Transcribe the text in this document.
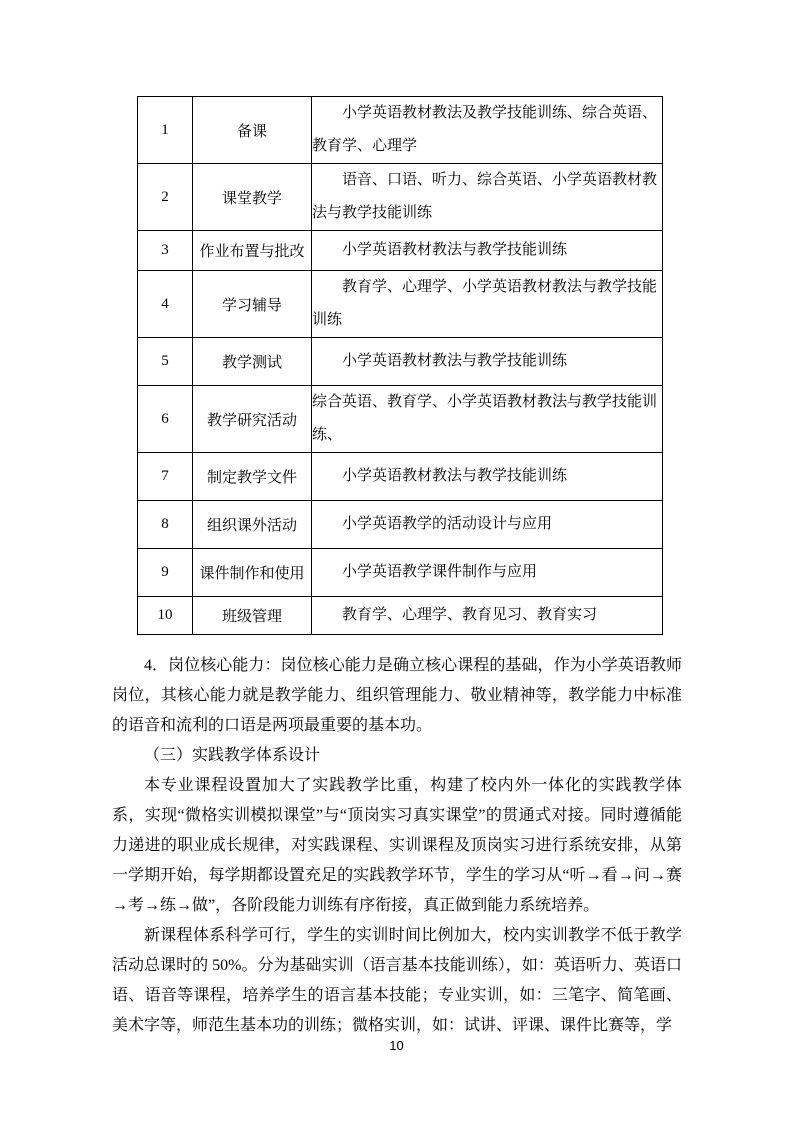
1	备课	小学英语教材教法及教学技能训练、综合英语、教育学、心理学
2	课堂教学	语音、口语、听力、综合英语、小学英语教材教法与教学技能训练
3	作业布置与批改	小学英语教材教法与教学技能训练
4	学习辅导	教育学、心理学、小学英语教材教法与教学技能训练
5	教学测试	小学英语教材教法与教学技能训练
6	教学研究活动	综合英语、教育学、小学英语教材教法与教学技能训练、
7	制定教学文件	小学英语教材教法与教学技能训练
8	组织课外活动	小学英语教学的活动设计与应用
9	课件制作和使用	小学英语教学课件制作与应用
10	班级管理	教育学、心理学、教育见习、教育实习

4．岗位核心能力：岗位核心能力是确立核心课程的基础，作为小学英语教师岗位，其核心能力就是教学能力、组织管理能力、敬业精神等，教学能力中标准的语音和流利的口语是两项最重要的基本功。

（三）实践教学体系设计

本专业课程设置加大了实践教学比重，构建了校内外一体化的实践教学体系，实现“微格实训模拟课堂”与“顶岗实习真实课堂”的贯通式对接。同时遵循能力递进的职业成长规律，对实践课程、实训课程及顶岗实习进行系统安排，从第一学期开始，每学期都设置充足的实践教学环节，学生的学习从“听→看→问→赛→考→练→做”，各阶段能力训练有序衔接，真正做到能力系统培养。

新课程体系科学可行，学生的实训时间比例加大，校内实训教学不低于教学活动总课时的 50%。分为基础实训（语言基本技能训练），如：英语听力、英语口语、语音等课程，培养学生的语言基本技能；专业实训，如：三笔字、简笔画、美术字等，师范生基本功的训练；微格实训，如：试讲、评课、课件比赛等，学

10
